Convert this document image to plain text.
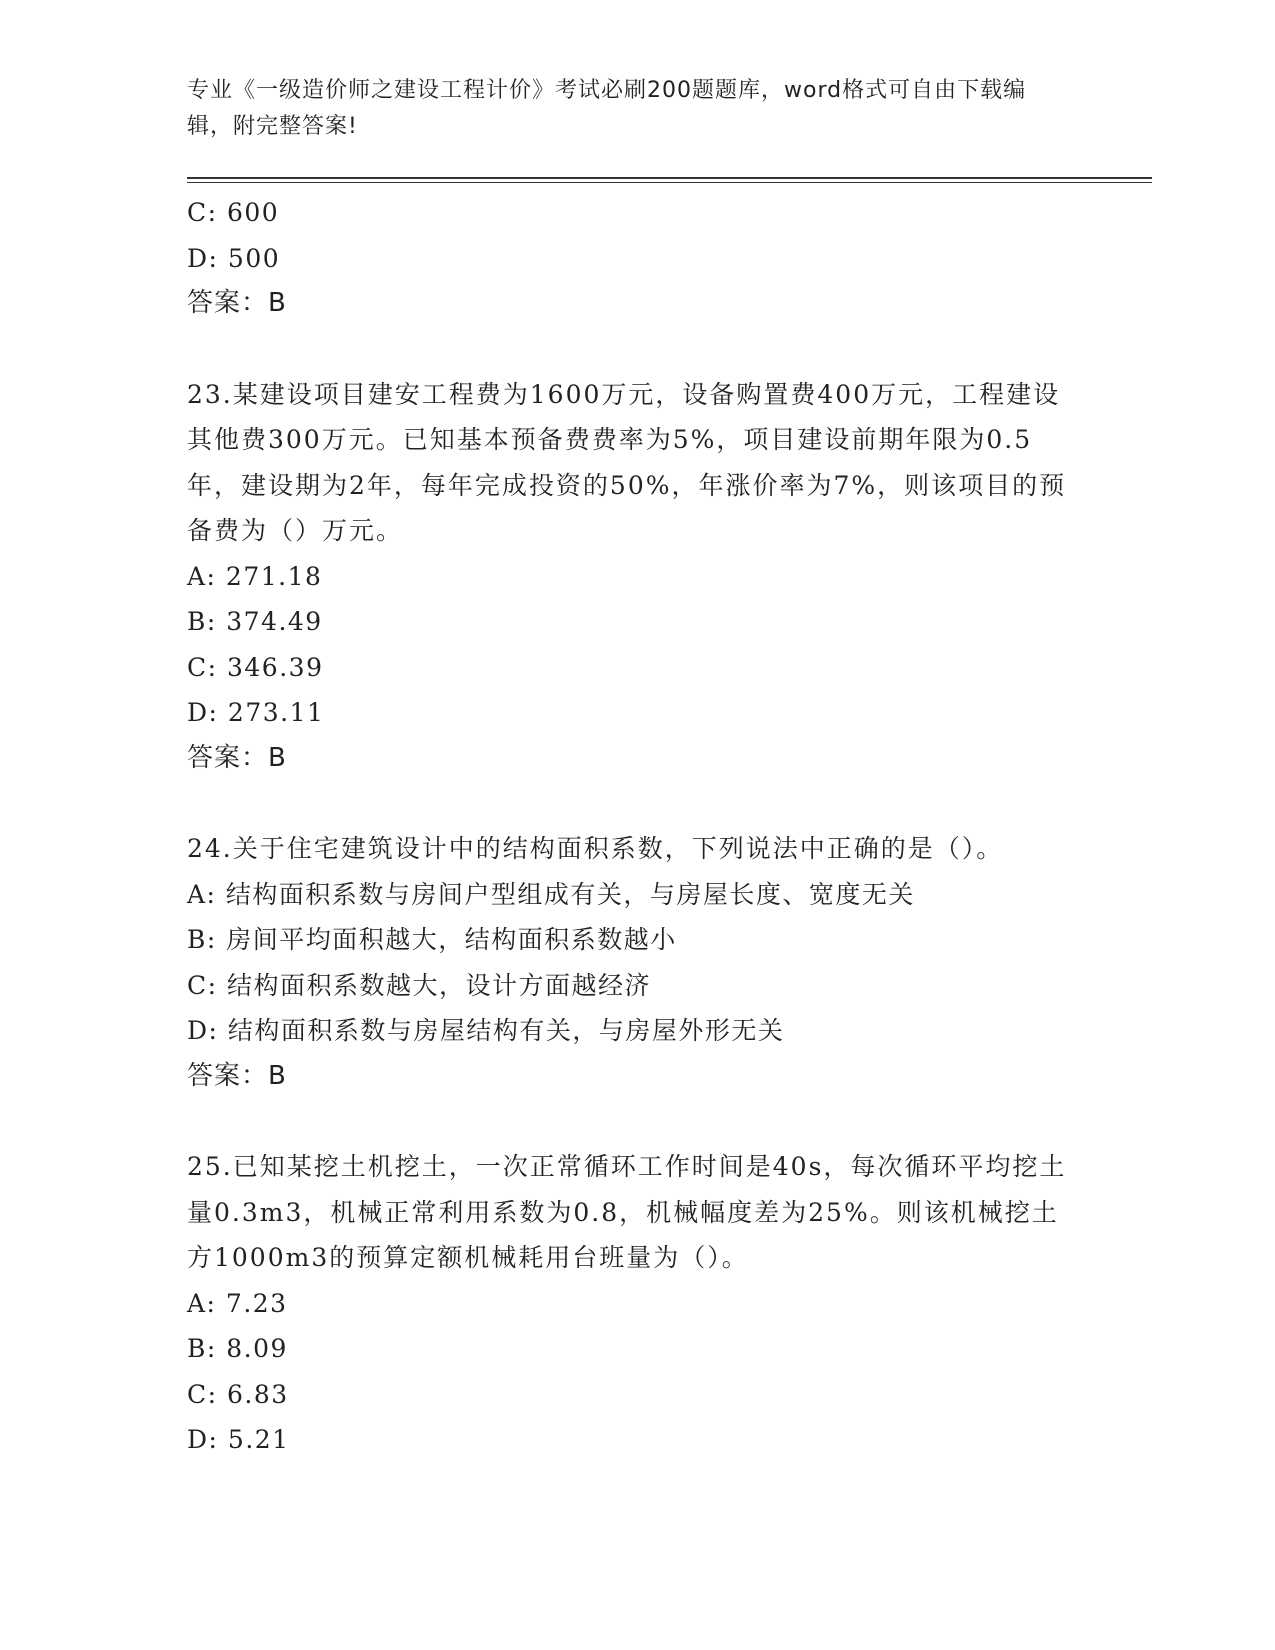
专业《一级造价师之建设工程计价》考试必刷200题题库，word格式可自由下载编辑，附完整答案!
C: 600
D: 500
答案：B
23.某建设项目建安工程费为1600万元，设备购置费400万元，工程建设其他费300万元。已知基本预备费费率为5%，项目建设前期年限为0.5年，建设期为2年，每年完成投资的50%，年涨价率为7%，则该项目的预备费为（）万元。
A: 271.18
B: 374.49
C: 346.39
D: 273.11
答案：B
24.关于住宅建筑设计中的结构面积系数，下列说法中正确的是（）。
A: 结构面积系数与房间户型组成有关，与房屋长度、宽度无关
B: 房间平均面积越大，结构面积系数越小
C: 结构面积系数越大，设计方面越经济
D: 结构面积系数与房屋结构有关，与房屋外形无关
答案：B
25.已知某挖土机挖土，一次正常循环工作时间是40s，每次循环平均挖土量0.3m3，机械正常利用系数为0.8，机械幅度差为25%。则该机械挖土方1000m3的预算定额机械耗用台班量为（）。
A: 7.23
B: 8.09
C: 6.83
D: 5.21
